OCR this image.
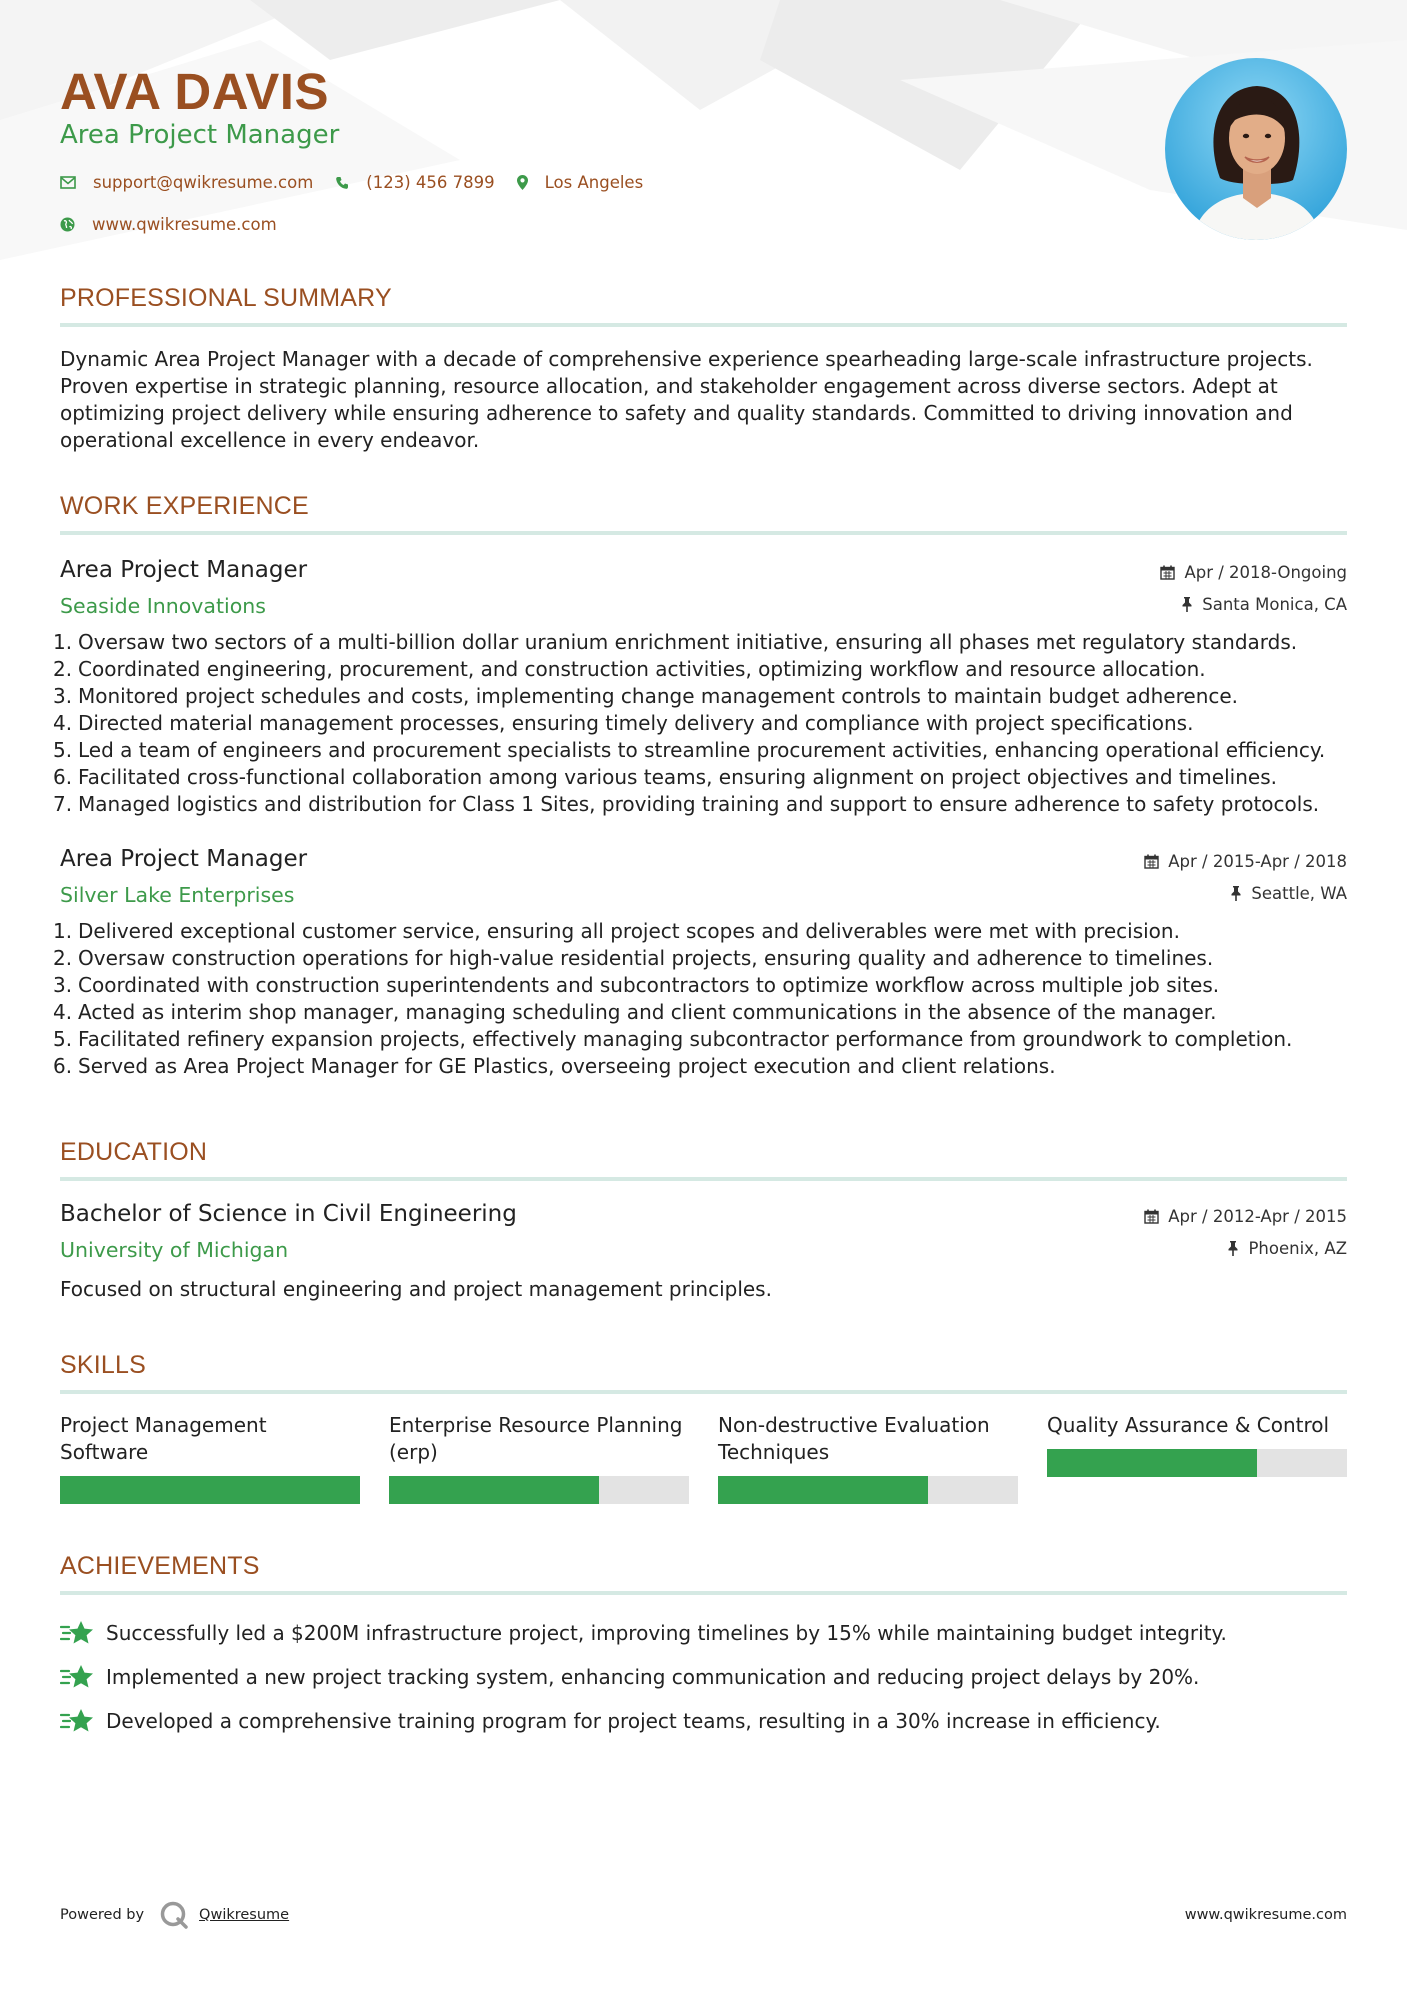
AVA DAVIS
Area Project Manager
support@qwikresume.com	(123) 456 7899	Los Angeles
www.qwikresume.com
PROFESSIONAL SUMMARY
Dynamic Area Project Manager with a decade of comprehensive experience spearheading large-scale infrastructure projects. Proven expertise in strategic planning, resource allocation, and stakeholder engagement across diverse sectors. Adept at optimizing project delivery while ensuring adherence to safety and quality standards. Committed to driving innovation and operational excellence in every endeavor.
WORK EXPERIENCE
Area Project Manager
Seaside Innovations
Apr / 2018-Ongoing
Santa Monica, CA
Oversaw two sectors of a multi-billion dollar uranium enrichment initiative, ensuring all phases met regulatory standards.
Coordinated engineering, procurement, and construction activities, optimizing workflow and resource allocation.
Monitored project schedules and costs, implementing change management controls to maintain budget adherence.
Directed material management processes, ensuring timely delivery and compliance with project specifications.
Led a team of engineers and procurement specialists to streamline procurement activities, enhancing operational efficiency.
Facilitated cross-functional collaboration among various teams, ensuring alignment on project objectives and timelines.
Managed logistics and distribution for Class 1 Sites, providing training and support to ensure adherence to safety protocols.
Area Project Manager
Silver Lake Enterprises
Apr / 2015-Apr / 2018
Seattle, WA
Delivered exceptional customer service, ensuring all project scopes and deliverables were met with precision.
Oversaw construction operations for high-value residential projects, ensuring quality and adherence to timelines.
Coordinated with construction superintendents and subcontractors to optimize workflow across multiple job sites.
Acted as interim shop manager, managing scheduling and client communications in the absence of the manager.
Facilitated refinery expansion projects, effectively managing subcontractor performance from groundwork to completion.
Served as Area Project Manager for GE Plastics, overseeing project execution and client relations.
EDUCATION
Bachelor of Science in Civil Engineering
University of Michigan
Apr / 2012-Apr / 2015
Phoenix, AZ
Focused on structural engineering and project management principles.
SKILLS
Project Management Software
Enterprise Resource Planning (erp)
Non-destructive Evaluation Techniques
Quality Assurance & Control
ACHIEVEMENTS
Successfully led a $200M infrastructure project, improving timelines by 15% while maintaining budget integrity.
Implemented a new project tracking system, enhancing communication and reducing project delays by 20%.
Developed a comprehensive training program for project teams, resulting in a 30% increase in efficiency.
Powered by	Qwikresume	www.qwikresume.com
